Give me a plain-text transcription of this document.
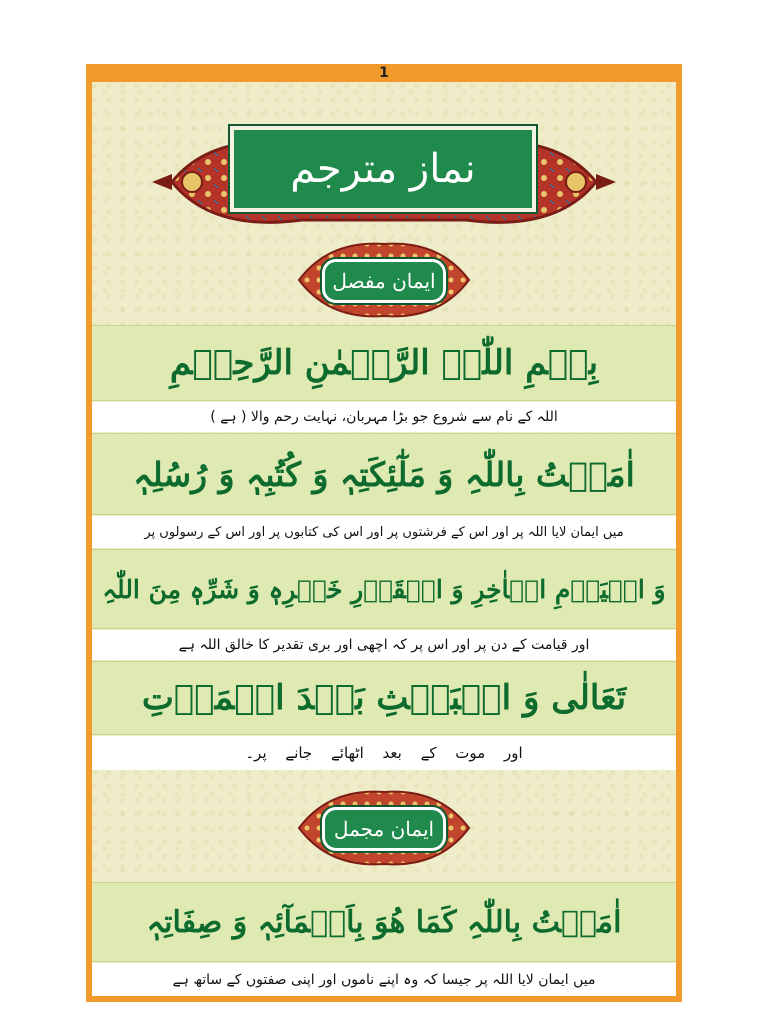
1
نماز مترجم
ایمان مفصل
بِسۡمِ اللّٰہِ الرَّحۡمٰنِ الرَّحِیۡمِ
اللہ کے نام سے شروع جو بڑا مہربان، نہایت رحم والا ( ہے )
اٰمَنۡتُ بِاللّٰہِ وَ مَلٰٓئِکَتِہٖ وَ کُتُبِہٖ وَ رُسُلِہٖ
میں ایمان لایا اللہ پر اور اس کے فرشتوں پر اور اس کی کتابوں پر اور اس کے رسولوں پر
وَ الۡیَوۡمِ الۡاٰخِرِ وَ الۡقَدۡرِ خَیۡرِہٖ وَ شَرِّہٖ مِنَ اللّٰہِ
اور قیامت کے دن پر اور اس پر کہ اچھی اور بری تقدیر کا خالق اللہ ہے
تَعَالٰی وَ الۡبَعۡثِ بَعۡدَ الۡمَوۡتِ
اور موت کے بعد اٹھائے جانے پر۔
ایمان مجمل
اٰمَنۡتُ بِاللّٰہِ کَمَا ھُوَ بِاَسۡمَآئِہٖ وَ صِفَاتِہٖ
میں ایمان لایا اللہ پر جیسا کہ وہ اپنے ناموں اور اپنی صفتوں کے ساتھ ہے
